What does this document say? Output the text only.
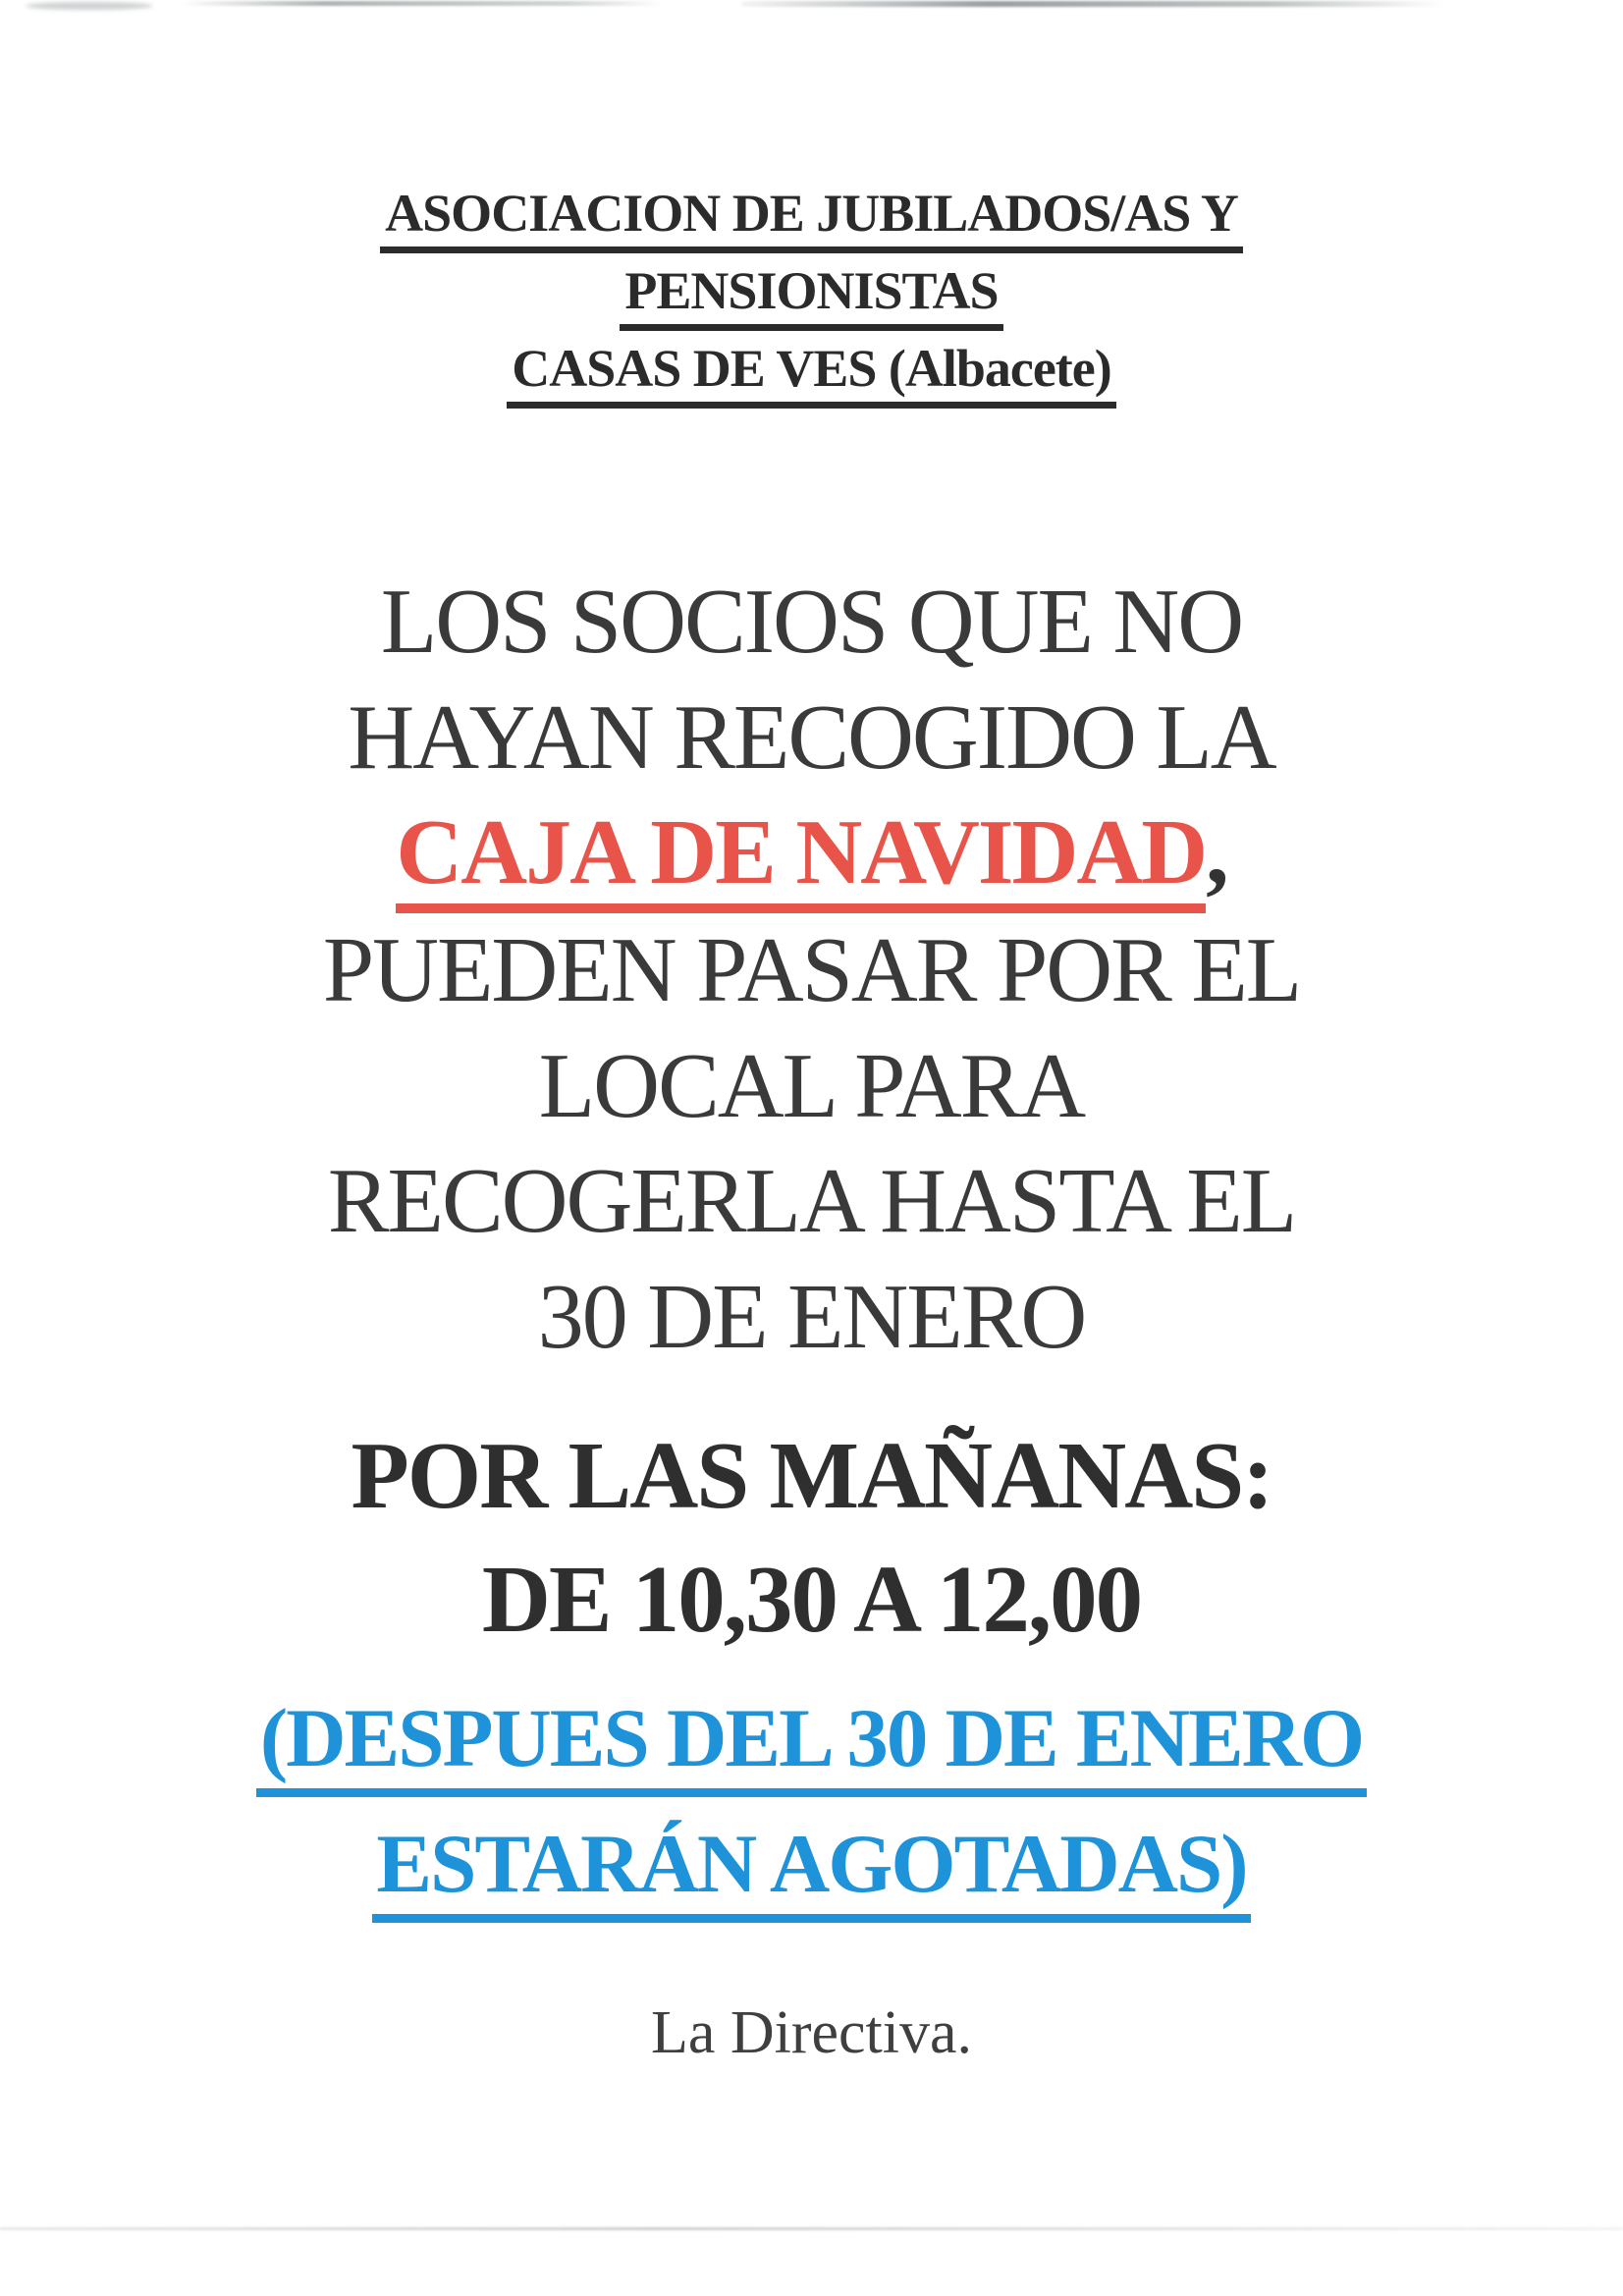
ASOCIACION DE JUBILADOS/AS Y
PENSIONISTAS
CASAS DE VES (Albacete)
LOS SOCIOS QUE NO
HAYAN RECOGIDO LA
CAJA DE NAVIDAD,
PUEDEN PASAR POR EL
LOCAL PARA
RECOGERLA HASTA EL
30 DE ENERO
POR LAS MAÑANAS:
DE 10,30 A 12,00
(DESPUES DEL 30 DE ENERO
ESTARÁN AGOTADAS)
La Directiva.
